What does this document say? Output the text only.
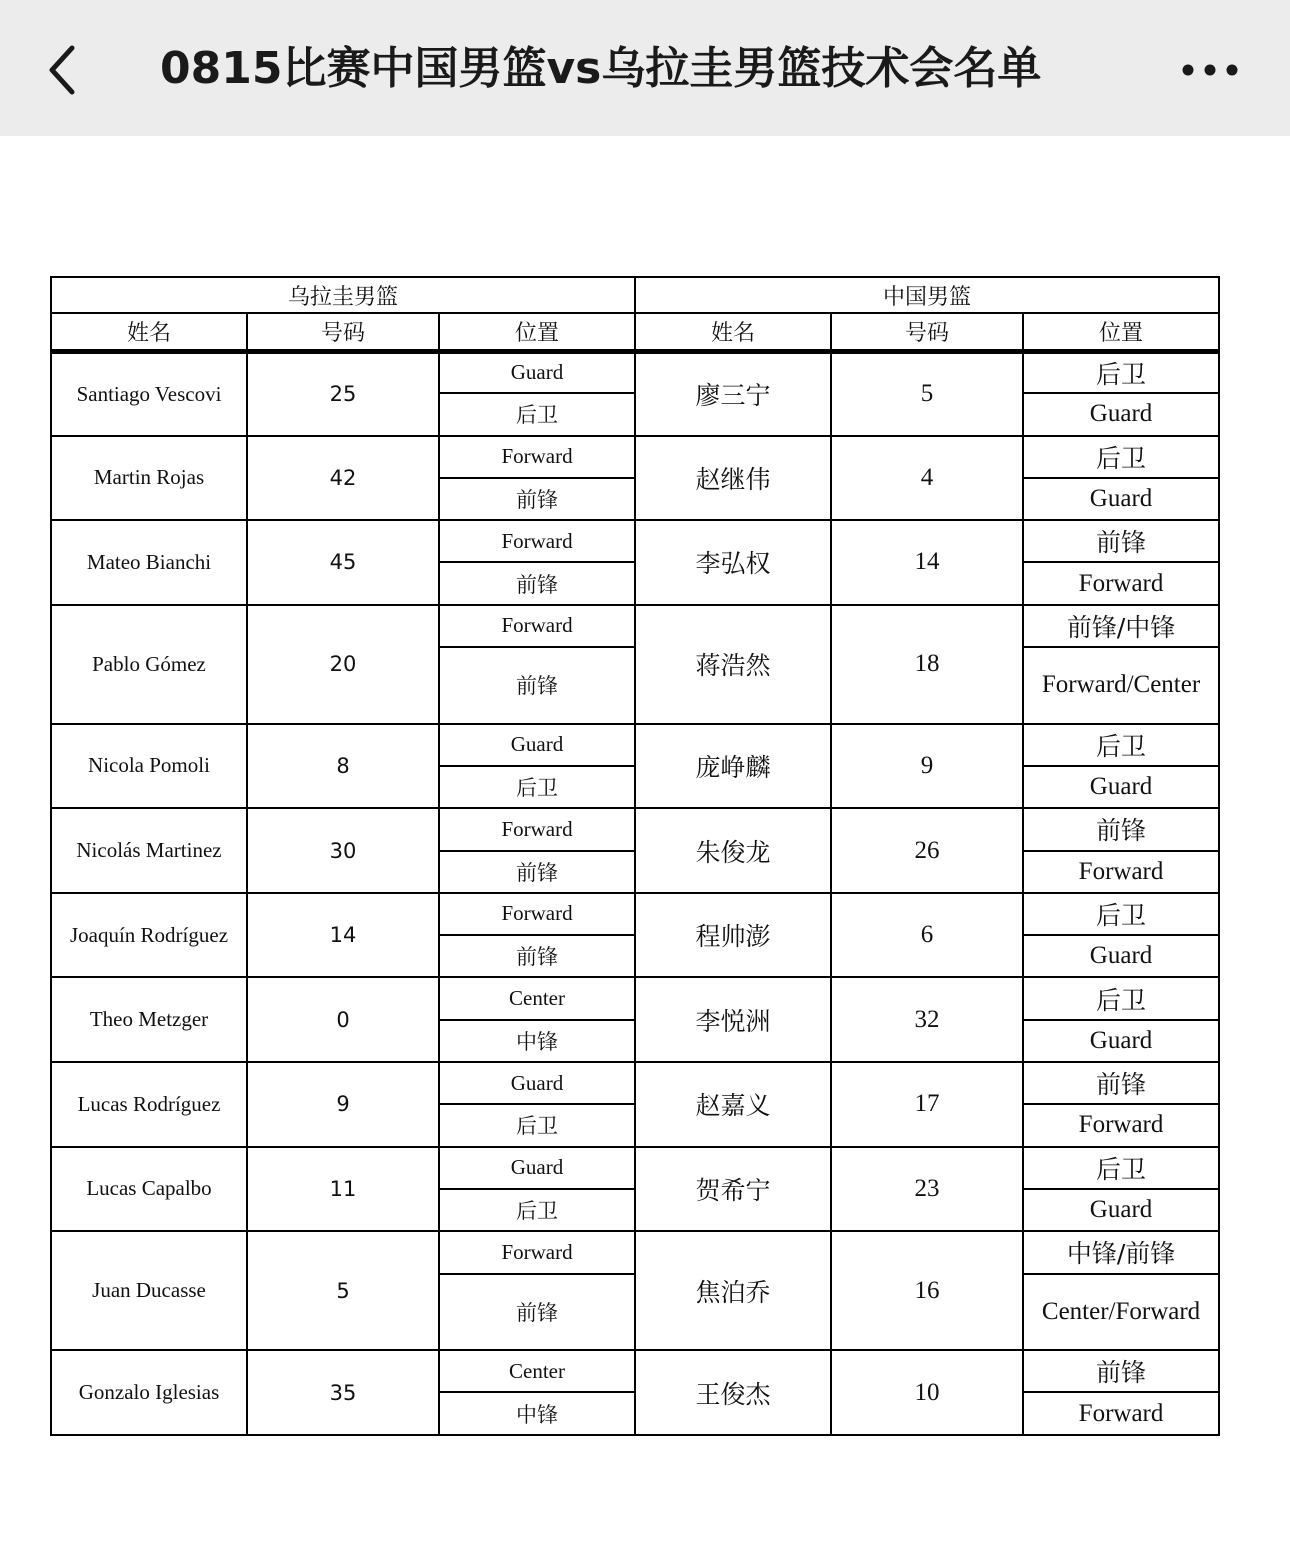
0815比赛中国男篮vs乌拉圭男篮技术会名单
乌拉圭男篮			中国男篮		
姓名	号码	位置	姓名	号码	位置
Santiago Vescovi	25	Guard	廖三宁	5	后卫
		后卫			Guard
Martin Rojas	42	Forward	赵继伟	4	后卫
		前锋			Guard
Mateo Bianchi	45	Forward	李弘权	14	前锋
		前锋			Forward
Pablo Gómez	20	Forward	蒋浩然	18	前锋/中锋
		前锋			Forward/Center
Nicola Pomoli	8	Guard	庞峥麟	9	后卫
		后卫			Guard
Nicolás Martinez	30	Forward	朱俊龙	26	前锋
		前锋			Forward
Joaquín Rodríguez	14	Forward	程帅澎	6	后卫
		前锋			Guard
Theo Metzger	0	Center	李悦洲	32	后卫
		中锋			Guard
Lucas Rodríguez	9	Guard	赵嘉义	17	前锋
		后卫			Forward
Lucas Capalbo	11	Guard	贺希宁	23	后卫
		后卫			Guard
Juan Ducasse	5	Forward	焦泊乔	16	中锋/前锋
		前锋			Center/Forward
Gonzalo Iglesias	35	Center	王俊杰	10	前锋
		中锋			Forward
